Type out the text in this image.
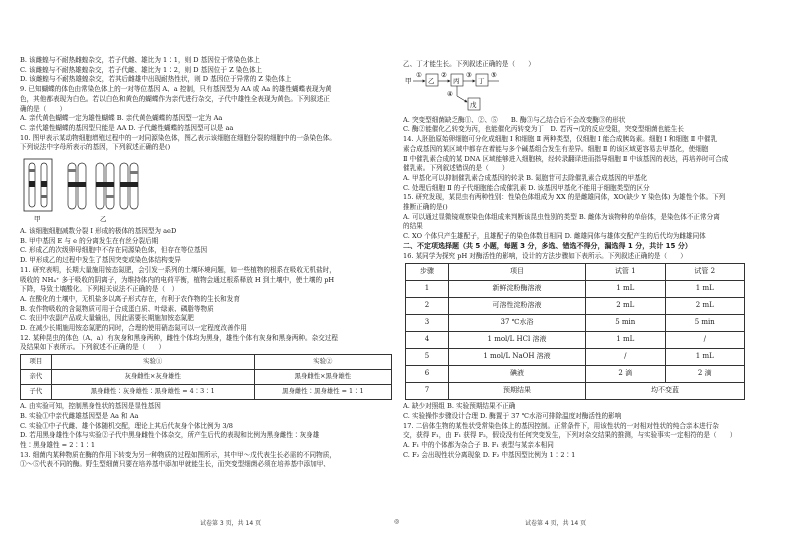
B. 该雌蝗与不耐热雌蝗杂交，若子代雌、雄比为 1∶1，则 D 基因位于常染色体上

C. 该雌蝗与不耐热雄蝗杂交，若子代雌、雄比为 1∶2，则 D 基因位于 Z 染色体上

D. 该雌蝗与不耐热雄蝗杂交，若其后雌雄中出现耐热性状，则 D 基因位于异常的 Z 染色体上

9. 已知蝴蝶的体色由常染色体上的一对等位基因 A、a 控制，只有基因型为 AA 或 Aa 的雄性蝴蝶表现为黄

色，其他都表现为白色。若以白色和黄色的蝴蝶作为亲代进行杂交，子代中雄性全表现为黄色。下列叙述正

确的是（　　）

A. 亲代黄色蝴蝶一定为雄性蝴蝶 B. 亲代黄色蝴蝶的基因型一定为 Aa

C. 亲代雄性蝴蝶的基因型只能是 AA D. 子代雌性蝴蝶的基因型可以是 aa

10. 图甲表示某动物细胞增殖过程中的一对同源染色体，图乙表示该细胞在细胞分裂的细胞中的一条染色体。

下列说法中字母所表示的基因，下列叙述正确的是()

甲	乙

A. 该细胞细胞减数分裂 Ⅰ 形成的极体的基因型为 aeD

B. 甲中基因 E 与 e 的分离发生在有丝分裂后期

C. 形成乙的次级卵母细胞中不存在同源染色体，但存在等位基因

D. 甲形成乙的过程中发生了基因突变或染色体结构变异

11. 研究表明，长期大量施用铵态氮肥，会引发一系列的土壤环境问题，如一些植物的根系在吸收无机盐时，

吸收的 NH₄⁺ 多于吸收的阴离子，为维持体内的电荷平衡，植物会通过根系释放 H 到土壤中，使土壤的 pH

下降，导致土壤酸化。下列相关说法不正确的是（　）

A. 在酸化的土壤中，无机盐多以离子形式存在，有利于农作物的生长和发育

B. 农作物吸收的含氮物质可用于合成蛋白质、叶绿素、磷脂等物质

C. 农田中农副产品或大量输出，因此需要长期施加铵态氮肥

D. 在减少长期施用铵态氮肥的同时，合理的使用硝态氮可以一定程度改善作用

12. 某种昆虫的体色（A、a）有灰身和黑身两种，雌性个体均为黑身，雄性个体有灰身和黑身两种。杂交过程

及结果如下表所示。下列叙述不正确的是（　　）

项目	实验①	实验②
亲代	灰身雌性×灰身雄性	黑身雌性×黑身雄性
子代	黑身雌性∶灰身雄性∶黑身雄性 = 4∶3∶1	黑身雌性∶黑身雄性 = 1∶1

A. 由实验可知，控制黑身性状的基因是显性基因

B. 实验①中亲代雌雄基因型是 Aa 和 Aa

C. 实验①中子代雌、雄个体随机交配，理论上其后代灰身个体比例为 3/8

D. 若用黑身雄性个体与实验②子代中黑身雌性个体杂交，所产生后代的表现和比例为黑身雌性∶灰身雄

性∶黑身雄性 = 2∶1∶1

13. 细菌内某种物质在酶的作用下转变为另一种物质的过程如图所示，其中甲～戊代表生长必需的不同物质，

①～⑤代表不同的酶。野生型细菌只要在培养基中添加甲就能生长，而突变型细菌必须在培养基中添加甲、

乙、丁才能生长。下列叙述正确的是（　　）

甲
①
乙
②
丙
③
丁
④
戊
⑤

A. 突变型细菌缺乏酶①、②、⑤　　B. 酶③与乙结合后不会改变酶③的形状

C. 酶②能催化乙转变为丙，也能催化丙转变为丁　D. 若丙→戊的反应受阻，突变型细菌也能生长

14. 人胚胎原始卵细胞可分化成细胞 Ⅰ 和细胞 Ⅱ 两种类型，仅细胞 Ⅰ 能合成胰岛素。细胞 Ⅰ 和细胞 Ⅱ 中催乳

素合成基因的某区域中都存在着能与多个碱基组合发生有差异。细胞 Ⅱ 的该区域更容易去甲基化，使细胞

Ⅱ 中催乳素合成的某 DNA 区域能够进入细胞核，经转录翻译进而指导细胞 Ⅱ 中该基因的表达，再培养时可合成

催乳素。下列叙述错误的是（　　）

A. 甲基化可以抑制催乳素合成基因的转录 B. 氮胞苷可去除催乳素合成基因的甲基化

C. 处理后细胞 Ⅱ 的子代细胞能合成催乳素 D. 该基因甲基化不能用于细胞类型的区分

15. 研究发现，某昆虫有两种性别：性染色体组成为 XX 的是雌雄同体，XO(缺少 Y 染色体) 为雄性个体。下列

推断正确的是()

A. 可以通过显微镜观察染色体组成来判断该昆虫性别的类型 B. 雌体为该物种的单倍体，是染色体不正常分离

的结果

C. XO 个体只产生雄配子，且雄配子的染色体数目相同 D. 雌雄同体与雄体交配产生的后代均为雌雄同体

二、不定项选择题（共 5 小题，每题 3 分，多选、错选不得分，漏选得 1 分，共计 15 分）

16. 某同学为探究 pH 对酶活性的影响，设计的方法步骤如下表所示。下列叙述正确的是（　　）

步骤	项目	试管 1	试管 2
1	新鲜淀粉酶溶液	1 mL	1 mL
2	可溶性淀粉溶液	2 mL	2 mL
3	37 ℃水浴	5 min	5 min
4	1 mol/L HCl 溶液	1 mL	/
5	1 mol/L NaOH 溶液	/	1 mL
6	碘液	2 滴	2 滴
7	预期结果	均不变蓝	

A. 缺少对照组 B. 实验预期结果不正确

C. 实验操作步骤设计合理 D. 酶置于 37 ℃水浴可排除温度对酶活性的影响

17. 二倍体生物的某性状受常染色体上的基因控制。正常条件下，用该性状的一对相对性状的纯合亲本进行杂

交，获得 F₁，由 F₁ 获得 F₂，假设没有任何突变发生，下列对杂交结果的推测，与实验事实一定相符的是（　　）

A. F₁ 中的个体都为杂合子 B. F₁ 表型与某亲本相同

C. F₂ 会出现性状分离现象 D. F₂ 中基因型比例为 1∶2∶1

试卷第 3 页，共 14 页	◎	试卷第 4 页，共 14 页
